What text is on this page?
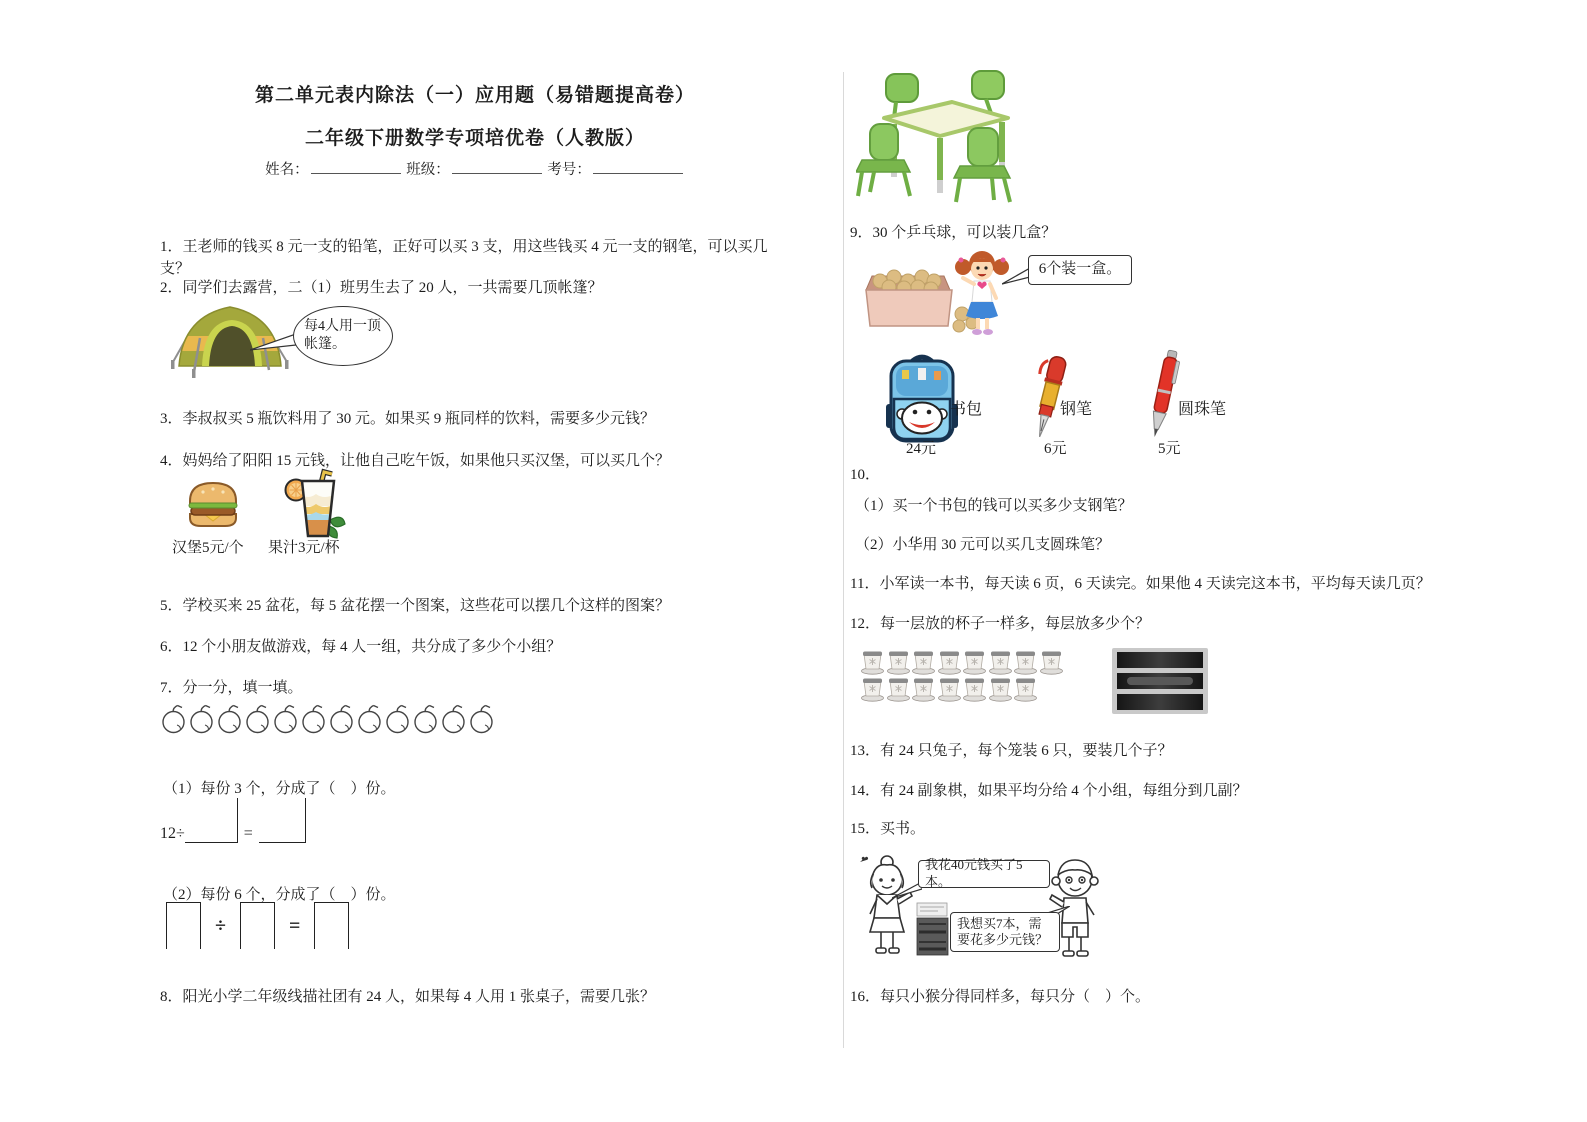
第二单元表内除法（一）应用题（易错题提高卷）
二年级下册数学专项培优卷（人教版）
姓名：	班级：	考号：

1．王老师的钱买 8 元一支的铅笔，正好可以买 3 支，用这些钱买 4 元一支的钢笔，可以买几支？

2．同学们去露营，二（1）班男生去了 20 人，一共需要几顶帐篷？

每4人用一顶帐篷。

3．李叔叔买 5 瓶饮料用了 30 元。如果买 9 瓶同样的饮料，需要多少元钱？

4．妈妈给了阳阳 15 元钱，让他自己吃午饭，如果他只买汉堡，可以买几个？

汉堡5元/个 果汁3元/杯

5．学校买来 25 盆花，每 5 盆花摆一个图案，这些花可以摆几个这样的图案？

6．12 个小朋友做游戏，每 4 人一组，共分成了多少个小组？

7．分一分，填一填。

（1）每份 3 个，分成了（　）份。

12÷	=

（2）每份 6 个，分成了（　）份。

÷	=

8．阳光小学二年级线描社团有 24 人，如果每 4 人用 1 张桌子，需要几张？

9．30 个乒乓球，可以装几盒？

6个装一盒。
书包
24元
钢笔
6元
圆珠笔
5元

10．

（1）买一个书包的钱可以买多少支钢笔？

（2）小华用 30 元可以买几支圆珠笔？

11．小军读一本书，每天读 6 页，6 天读完。如果他 4 天读完这本书，平均每天读几页？

12．每一层放的杯子一样多，每层放多少个？

13．有 24 只兔子，每个笼装 6 只，要装几个子？

14．有 24 副象棋，如果平均分给 4 个小组，每组分到几副？

15．买书。

我花40元钱买了5本。
我想买7本，需要花多少元钱？

16．每只小猴分得同样多，每只分（　）个。
